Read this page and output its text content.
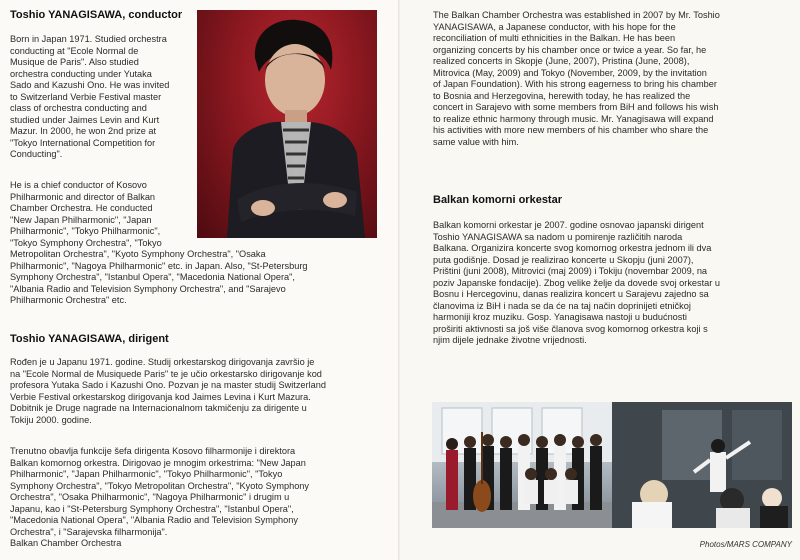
Toshio YANAGISAWA, conductor
Born in Japan 1971. Studied orchestra
conducting at "Ecole Normal de
Musique de Paris". Also studied
orchestra conducting under Yutaka
Sado and Kazushi Ono. He was invited
to Switzerland Verbie Festival master
class of orchestra conducting and
studied under Jaimes Levin and Kurt
Mazur. In 2000, he won 2nd prize at
"Tokyo International Competition for
Conducting".
He is a chief conductor of Kosovo
Philharmonic and director of Balkan
Chamber Orchestra. He conducted
"New Japan Philharmonic", "Japan
Philharmonic", "Tokyo Philharmonic",
"Tokyo Symphony Orchestra", "Tokyo
Metropolitan Orchestra", "Kyoto Symphony Orchestra", "Osaka
Philharmonic", "Nagoya Philharmonic" etc. in Japan. Also, "St-Petersburg
Symphony Orchestra", "Istanbul Opera", "Macedonia National Opera",
"Albania Radio and Television Symphony Orchestra", and "Sarajevo
Philharmonic Orchestra" etc.
Toshio YANAGISAWA, dirigent
Rođen je u Japanu 1971. godine. Studij orkestarskog dirigovanja završio je
na "Ecole Normal de Musiquede Paris" te je učio orkestarsko dirigovanje kod
profesora Yutaka Sado i Kazushi Ono. Pozvan je na master studij Switzerland
Verbie Festival orkestarskog dirigovanja kod Jaimes Levina i Kurt Mazura.
Dobitnik je Druge nagrade na Internacionalnom takmičenju za dirigente u
Tokiju 2000. godine.
Trenutno obavlja funkcije šefa dirigenta Kosovo filharmonije i direktora
Balkan komornog orkestra. Dirigovao je mnogim orkestrima: "New Japan
Philharmonic", "Japan Philharmonic", "Tokyo Philharmonic", "Tokyo
Symphony Orchestra", "Tokyo Metropolitan Orchestra", "Kyoto Symphony
Orchestra", "Osaka Philharmonic", "Nagoya Philharmonic" i drugim u
Japanu, kao i "St-Petersburg Symphony Orchestra", "Istanbul Opera",
"Macedonia National Opera", "Albania Radio and Television Symphony
Orchestra", i "Sarajevska filharmonija".
Balkan Chamber Orchestra
The Balkan Chamber Orchestra was established in 2007 by Mr. Toshio
YANAGISAWA, a Japanese conductor, with his hope for the
reconciliation of multi ethnicities in the Balkan. He has been
organizing concerts by his chamber once or twice a year. So far, he
realized concerts in Skopje (June, 2007), Pristina (June, 2008),
Mitrovica (May, 2009) and Tokyo (November, 2009, by the invitation
of Japan Foundation). With his strong eagerness to bring his chamber
to Bosnia and Herzegovina, herewith today, he has realized the
concert in Sarajevo with some members from BiH and follows his wish
to realize ethnic harmony through music. Mr. Yanagisawa will expand
his activities with more new members of his chamber who share the
same value with him.
Balkan komorni orkestar
Balkan komorni orkestar je 2007. godine osnovao japanski dirigent
Toshio YANAGISAWA sa nadom u pomirenje različitih naroda
Balkana. Organizira koncerte svog komornog orkestra jednom ili dva
puta godišnje. Dosad je realizirao koncerte u Skopju (juni 2007),
Prištini (juni 2008), Mitrovici (maj 2009) i Tokiju (novembar 2009, na
poziv Japanske fondacije). Zbog velike želje da dovede svoj orkestar u
Bosnu i Hercegovinu, danas realizira koncert u Sarajevu zajedno sa
članovima iz BiH i nada se da će na taj način doprinijeti etničkoj
harmoniji kroz muziku. Gosp. Yanagisawa nastoji u budućnosti
proširiti aktivnosti sa još više članova svog komornog orkestra koji s
njim dijele jednake životne vrijednosti.
Photos/MARS COMPANY
